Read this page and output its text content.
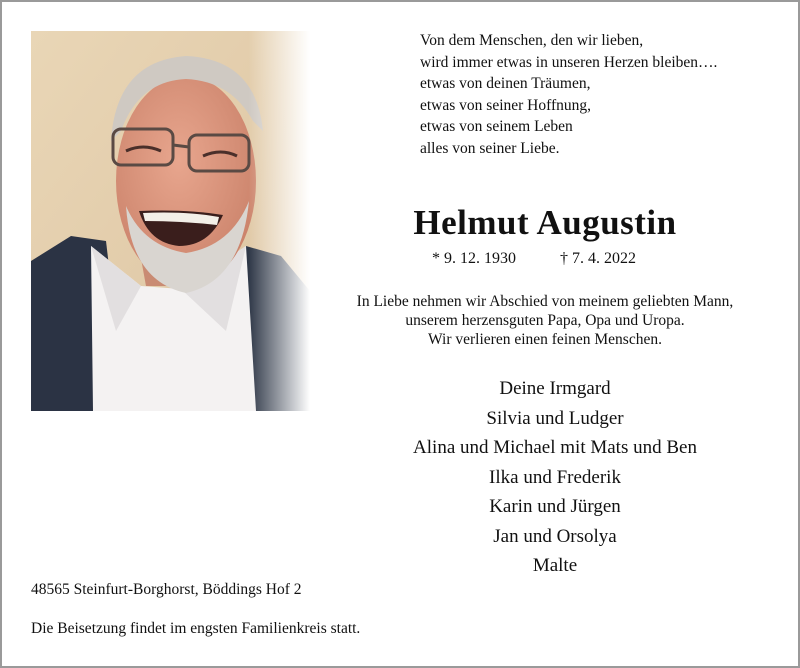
Von dem Menschen, den wir lieben,
wird immer etwas in unseren Herzen bleiben….
etwas von deinen Träumen,
etwas von seiner Hoffnung,
etwas von seinem Leben
alles von seiner Liebe.
Helmut Augustin
* 9. 12. 1930	† 7. 4. 2022
In Liebe nehmen wir Abschied von meinem geliebten Mann,
unserem herzensguten Papa, Opa und Uropa.
Wir verlieren einen feinen Menschen.
Deine Irmgard
Silvia und Ludger
Alina und Michael mit Mats und Ben
Ilka und Frederik
Karin und Jürgen
Jan und Orsolya
Malte
48565 Steinfurt-Borghorst, Böddings Hof 2
Die Beisetzung findet im engsten Familienkreis statt.
